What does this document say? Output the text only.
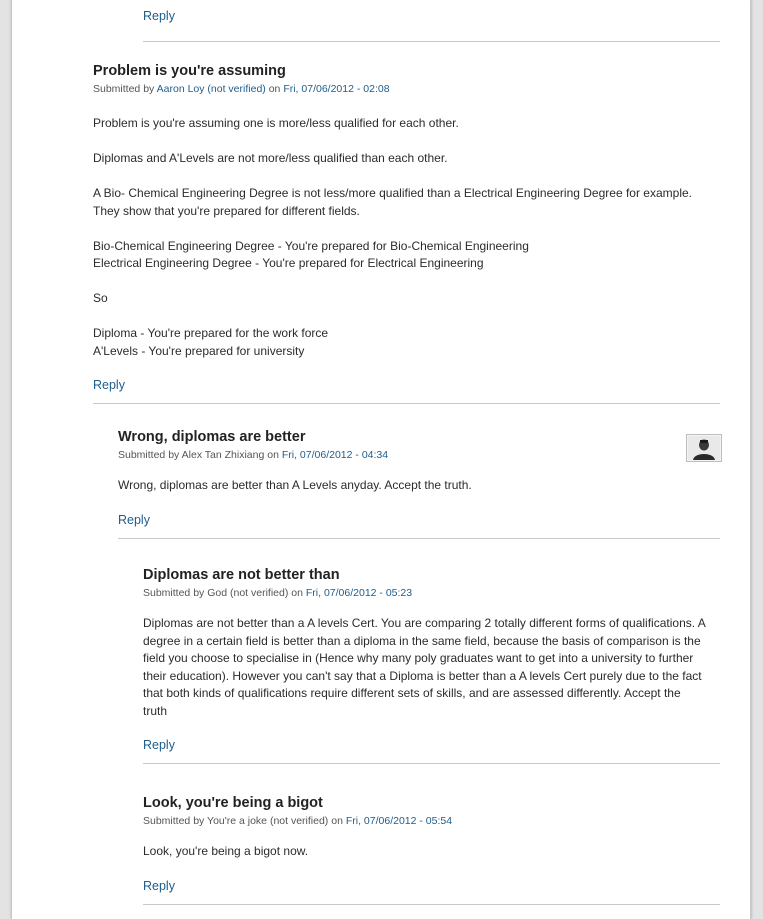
Reply
Problem is you're assuming
Submitted by Aaron Loy (not verified) on Fri, 07/06/2012 - 02:08

Problem is you're assuming one is more/less qualified for each other.

Diplomas and A'Levels are not more/less qualified than each other.

A Bio- Chemical Engineering Degree is not less/more qualified than a Electrical Engineering Degree for example.

They show that you're prepared for different fields.

Bio-Chemical Engineering Degree - You're prepared for Bio-Chemical Engineering

Electrical Engineering Degree - You're prepared for Electrical Engineering

So

Diploma - You're prepared for the work force

A'Levels - You're prepared for university

Reply
Wrong, diplomas are better
Submitted by Alex Tan Zhixiang on Fri, 07/06/2012 - 04:34

Wrong, diplomas are better than A Levels anyday. Accept the truth.

Reply
Diplomas are not better than
Submitted by God (not verified) on Fri, 07/06/2012 - 05:23

Diplomas are not better than a A levels Cert. You are comparing 2 totally different forms of qualifications. A

degree in a certain field is better than a diploma in the same field, because the basis of comparison is the

field you choose to specialise in (Hence why many poly graduates want to get into a university to further

their education). However you can't say that a Diploma is better than a A levels Cert purely due to the fact

that both kinds of qualifications require different sets of skills, and are assessed differently. Accept the

truth

Reply
Look, you're being a bigot
Submitted by You're a joke (not verified) on Fri, 07/06/2012 - 05:54

Look, you're being a bigot now.

Reply
